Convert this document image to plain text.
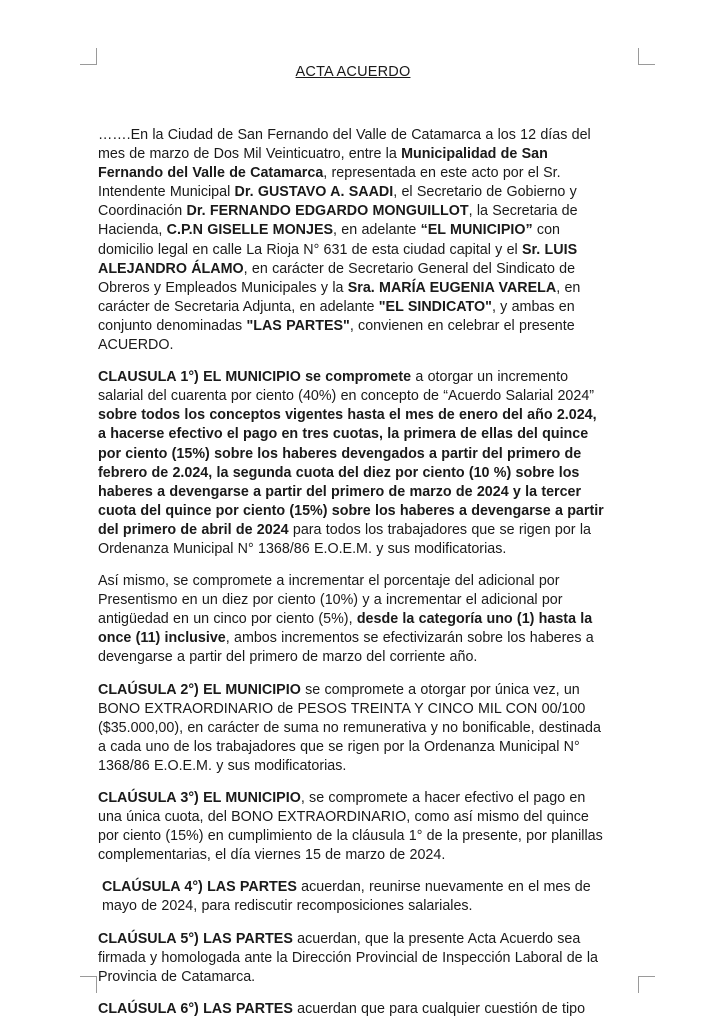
ACTA ACUERDO

…….En la Ciudad de San Fernando del Valle de Catamarca a los 12 días del mes de marzo de Dos Mil Veinticuatro, entre la Municipalidad de San Fernando del Valle de Catamarca, representada en este acto por el Sr. Intendente Municipal Dr. GUSTAVO A. SAADI, el Secretario de Gobierno y Coordinación Dr. FERNANDO EDGARDO MONGUILLOT, la Secretaria de Hacienda, C.P.N GISELLE MONJES, en adelante “EL MUNICIPIO” con domicilio legal en calle La Rioja N° 631 de esta ciudad capital y el Sr. LUIS ALEJANDRO ÁLAMO, en carácter de Secretario General del Sindicato de Obreros y Empleados Municipales y la Sra. MARÍA EUGENIA VARELA, en carácter de Secretaria Adjunta, en adelante "EL SINDICATO", y ambas en conjunto denominadas "LAS PARTES", convienen en celebrar el presente ACUERDO.

CLAUSULA 1°) EL MUNICIPIO se compromete a otorgar un incremento salarial del cuarenta por ciento (40%) en concepto de “Acuerdo Salarial 2024” sobre todos los conceptos vigentes hasta el mes de enero del año 2.024, a hacerse efectivo el pago en tres cuotas, la primera de ellas del quince por ciento (15%) sobre los haberes devengados a partir del primero de febrero de 2.024, la segunda cuota del diez por ciento (10 %) sobre los haberes a devengarse a partir del primero de marzo de 2024 y la tercer cuota del quince por ciento (15%) sobre los haberes a devengarse a partir del primero de abril de 2024 para todos los trabajadores que se rigen por la Ordenanza Municipal N° 1368/86 E.O.E.M. y sus modificatorias.

Así mismo, se compromete a incrementar el porcentaje del adicional por Presentismo en un diez por ciento (10%) y a incrementar el adicional por antigüedad en un cinco por ciento (5%), desde la categoría uno (1) hasta la once (11) inclusive, ambos incrementos se efectivizarán sobre los haberes a devengarse a partir del primero de marzo del corriente año.

CLAÚSULA 2°) EL MUNICIPIO se compromete a otorgar por única vez, un BONO EXTRAORDINARIO de PESOS TREINTA Y CINCO MIL CON 00/100 ($35.000,00), en carácter de suma no remunerativa y no bonificable, destinada a cada uno de los trabajadores que se rigen por la Ordenanza Municipal N° 1368/86 E.O.E.M. y sus modificatorias.

CLAÚSULA 3°) EL MUNICIPIO, se compromete a hacer efectivo el pago en una única cuota, del BONO EXTRAORDINARIO, como así mismo del quince por ciento (15%) en cumplimiento de la cláusula 1° de la presente, por planillas complementarias, el día viernes 15 de marzo de 2024.

CLAÚSULA 4°) LAS PARTES acuerdan, reunirse nuevamente en el mes de mayo de 2024, para rediscutir recomposiciones salariales.

CLAÚSULA 5°) LAS PARTES acuerdan, que la presente Acta Acuerdo sea firmada y homologada ante la Dirección Provincial de Inspección Laboral de la Provincia de Catamarca.

CLAÚSULA 6°) LAS PARTES acuerdan que para cualquier cuestión de tipo
